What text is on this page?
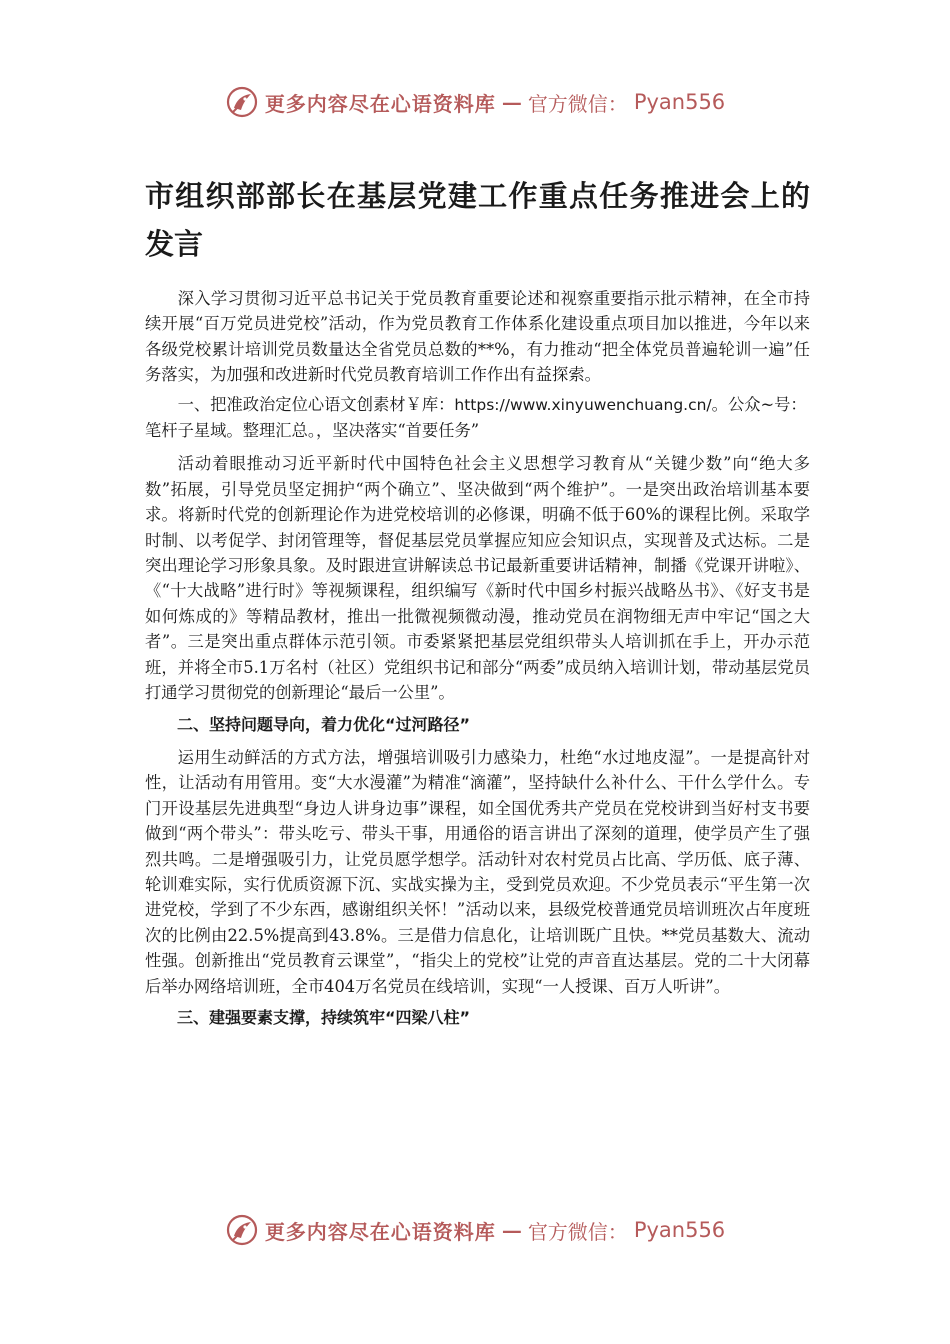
更多内容尽在心语资料库 — 官方微信： Pyan556
市组织部部长在基层党建工作重点任务推进会上的发言

深入学习贯彻习近平总书记关于党员教育重要论述和视察重要指示批示精神，在全市持续开展“百万党员进党校”活动，作为党员教育工作体系化建设重点项目加以推进，今年以来各级党校累计培训党员数量达全省党员总数的**%，有力推动“把全体党员普遍轮训一遍”任务落实，为加强和改进新时代党员教育培训工作作出有益探索。

一、把准政治定位心语文创素材￥库：https://www.xinyuwenchuang.cn/。公众~号：笔杆子星域。整理汇总。，坚决落实“首要任务”

活动着眼推动习近平新时代中国特色社会主义思想学习教育从“关键少数”向“绝大多数”拓展，引导党员坚定拥护“两个确立”、坚决做到“两个维护”。一是突出政治培训基本要求。将新时代党的创新理论作为进党校培训的必修课，明确不低于60%的课程比例。采取学时制、以考促学、封闭管理等，督促基层党员掌握应知应会知识点，实现普及式达标。二是突出理论学习形象具象。及时跟进宣讲解读总书记最新重要讲话精神，制播《党课开讲啦》、《“十大战略”进行时》等视频课程，组织编写《新时代中国乡村振兴战略丛书》、《好支书是如何炼成的》等精品教材，推出一批微视频微动漫，推动党员在润物细无声中牢记“国之大者”。三是突出重点群体示范引领。市委紧紧把基层党组织带头人培训抓在手上，开办示范班，并将全市5.1万名村（社区）党组织书记和部分“两委”成员纳入培训计划，带动基层党员打通学习贯彻党的创新理论“最后一公里”。

二、坚持问题导向，着力优化“过河路径”

运用生动鲜活的方式方法，增强培训吸引力感染力，杜绝“水过地皮湿”。一是提高针对性，让活动有用管用。变“大水漫灌”为精准“滴灌”，坚持缺什么补什么、干什么学什么。专门开设基层先进典型“身边人讲身边事”课程，如全国优秀共产党员在党校讲到当好村支书要做到“两个带头”：带头吃亏、带头干事，用通俗的语言讲出了深刻的道理，使学员产生了强烈共鸣。二是增强吸引力，让党员愿学想学。活动针对农村党员占比高、学历低、底子薄、轮训难实际，实行优质资源下沉、实战实操为主，受到党员欢迎。不少党员表示“平生第一次进党校，学到了不少东西，感谢组织关怀！”活动以来，县级党校普通党员培训班次占年度班次的比例由22.5%提高到43.8%。三是借力信息化，让培训既广且快。**党员基数大、流动性强。创新推出“党员教育云课堂”，“指尖上的党校”让党的声音直达基层。党的二十大闭幕后举办网络培训班，全市404万名党员在线培训，实现“一人授课、百万人听讲”。

三、建强要素支撑，持续筑牢“四梁八柱”

更多内容尽在心语资料库 — 官方微信： Pyan556
